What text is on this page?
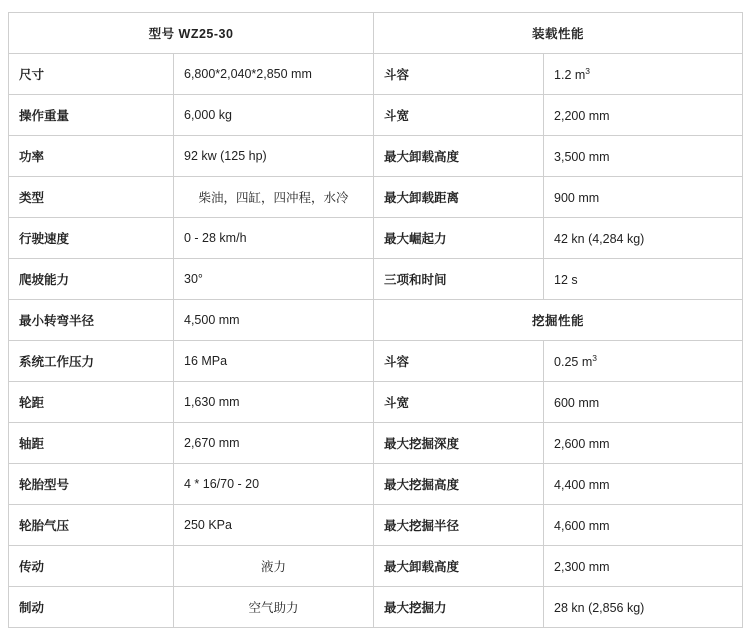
型号 WZ25-30		装载性能	
尺寸	6,800*2,040*2,850 mm	斗容	1.2 $m^3$
操作重量	6,000 kg	斗宽	2,200 mm
功率	92 kw (125 hp)	最大卸载高度	3,500 mm
类型	柴油，四缸，四冲程，水冷	最大卸载距离	900 mm
行驶速度	0 - 28 km/h	最大崛起力	42 kn (4,284 kg)
爬坡能力	30°	三项和时间	12 s
最小转弯半径	4,500 mm	挖掘性能	
系统工作压力	16 MPa	斗容	0.25 $m^3$
轮距	1,630 mm	斗宽	600 mm
轴距	2,670 mm	最大挖掘深度	2,600 mm
轮胎型号	4 * 16/70 - 20	最大挖掘高度	4,400 mm
轮胎气压	250 KPa	最大挖掘半径	4,600 mm
传动	液力	最大卸载高度	2,300 mm
制动	空气助力	最大挖掘力	28 kn (2,856 kg)
